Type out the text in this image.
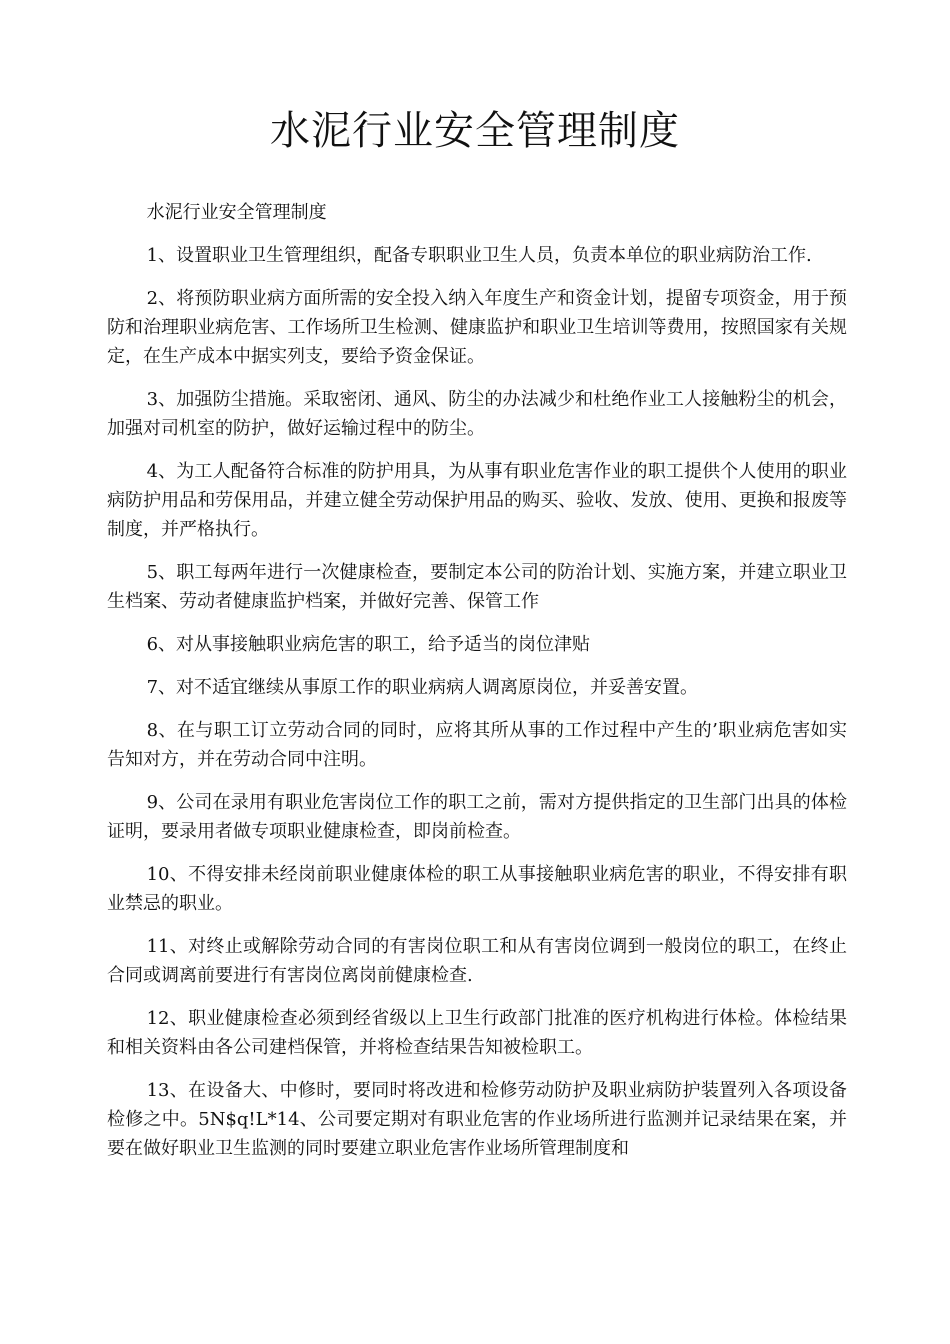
水泥行业安全管理制度

水泥行业安全管理制度

1、设置职业卫生管理组织，配备专职职业卫生人员，负责本单位的职业病防治工作.

2、将预防职业病方面所需的安全投入纳入年度生产和资金计划，提留专项资金，用于预防和治理职业病危害、工作场所卫生检测、健康监护和职业卫生培训等费用，按照国家有关规定，在生产成本中据实列支，要给予资金保证。

3、加强防尘措施。采取密闭、通风、防尘的办法减少和杜绝作业工人接触粉尘的机会，加强对司机室的防护，做好运输过程中的防尘。

4、为工人配备符合标准的防护用具，为从事有职业危害作业的职工提供个人使用的职业病防护用品和劳保用品，并建立健全劳动保护用品的购买、验收、发放、使用、更换和报废等制度，并严格执行。

5、职工每两年进行一次健康检查，要制定本公司的防治计划、实施方案，并建立职业卫生档案、劳动者健康监护档案，并做好完善、保管工作

6、对从事接触职业病危害的职工，给予适当的岗位津贴

7、对不适宜继续从事原工作的职业病病人调离原岗位，并妥善安置。

8、在与职工订立劳动合同的同时，应将其所从事的工作过程中产生的’职业病危害如实告知对方，并在劳动合同中注明。

9、公司在录用有职业危害岗位工作的职工之前，需对方提供指定的卫生部门出具的体检证明，要录用者做专项职业健康检查，即岗前检查。

10、不得安排未经岗前职业健康体检的职工从事接触职业病危害的职业，不得安排有职业禁忌的职业。

11、对终止或解除劳动合同的有害岗位职工和从有害岗位调到一般岗位的职工，在终止合同或调离前要进行有害岗位离岗前健康检查.

12、职业健康检查必须到经省级以上卫生行政部门批准的医疗机构进行体检。体检结果和相关资料由各公司建档保管，并将检查结果告知被检职工。

13、在设备大、中修时，要同时将改进和检修劳动防护及职业病防护装置列入各项设备检修之中。5N$q!L*14、公司要定期对有职业危害的作业场所进行监测并记录结果在案，并要在做好职业卫生监测的同时要建立职业危害作业场所管理制度和
